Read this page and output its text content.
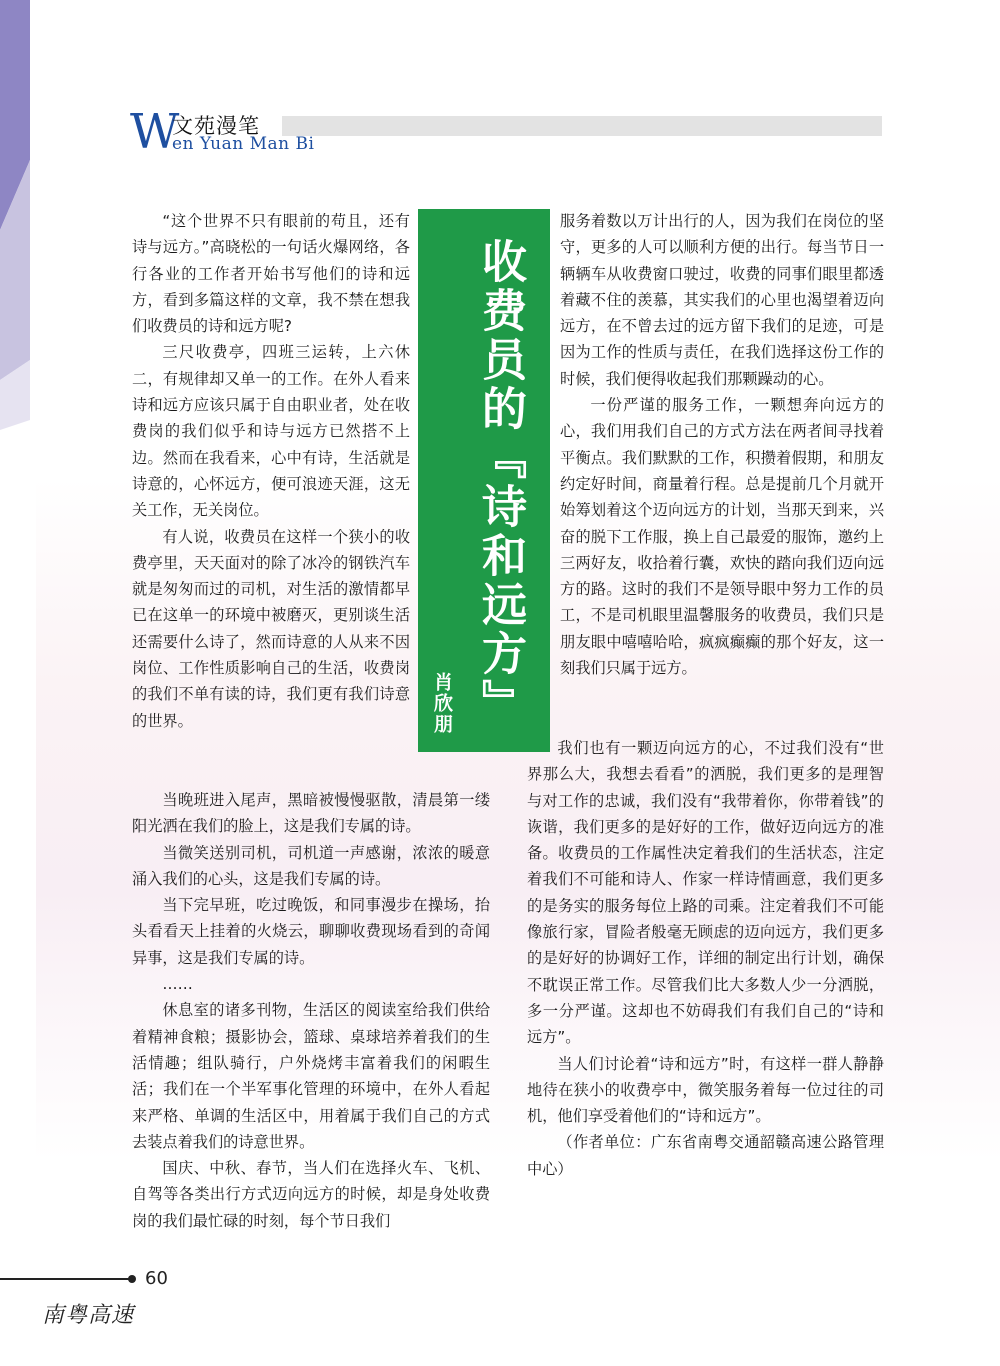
W
文苑漫笔
en Yuan Man Bi
收费员的『诗和远方』
肖欣朋

“这个世界不只有眼前的苟且，还有诗与远方。”高晓松的一句话火爆网络，各行各业的工作者开始书写他们的诗和远方，看到多篇这样的文章，我不禁在想我们收费员的诗和远方呢?

三尺收费亭，四班三运转，上六休二，有规律却又单一的工作。在外人看来诗和远方应该只属于自由职业者，处在收费岗的我们似乎和诗与远方已然搭不上边。然而在我看来，心中有诗，生活就是诗意的，心怀远方，便可浪迹天涯，这无关工作，无关岗位。

有人说，收费员在这样一个狭小的收费亭里，天天面对的除了冰冷的钢铁汽车就是匆匆而过的司机，对生活的激情都早已在这单一的环境中被磨灭，更别谈生活还需要什么诗了，然而诗意的人从来不因岗位、工作性质影响自己的生活，收费岗的我们不单有读的诗，我们更有我们诗意的世界。

当晚班进入尾声，黑暗被慢慢驱散，清晨第一缕阳光洒在我们的脸上，这是我们专属的诗。

当微笑送别司机，司机道一声感谢，浓浓的暖意涌入我们的心头，这是我们专属的诗。

当下完早班，吃过晚饭，和同事漫步在操场，抬头看看天上挂着的火烧云，聊聊收费现场看到的奇闻异事，这是我们专属的诗。

……

休息室的诸多刊物，生活区的阅读室给我们供给着精神食粮；摄影协会，篮球、桌球培养着我们的生活情趣；组队骑行，户外烧烤丰富着我们的闲暇生活；我们在一个半军事化管理的环境中，在外人看起来严格、单调的生活区中，用着属于我们自己的方式去装点着我们的诗意世界。

国庆、中秋、春节，当人们在选择火车、飞机、自驾等各类出行方式迈向远方的时候，却是身处收费岗的我们最忙碌的时刻，每个节日我们

服务着数以万计出行的人，因为我们在岗位的坚守，更多的人可以顺利方便的出行。每当节日一辆辆车从收费窗口驶过，收费的同事们眼里都透着藏不住的羡慕，其实我们的心里也渴望着迈向远方，在不曾去过的远方留下我们的足迹，可是因为工作的性质与责任，在我们选择这份工作的时候，我们便得收起我们那颗躁动的心。

一份严谨的服务工作，一颗想奔向远方的心，我们用我们自己的方式方法在两者间寻找着平衡点。我们默默的工作，积攒着假期，和朋友约定好时间，商量着行程。总是提前几个月就开始筹划着这个迈向远方的计划，当那天到来，兴奋的脱下工作服，换上自己最爱的服饰，邀约上三两好友，收拾着行囊，欢快的踏向我们迈向远方的路。这时的我们不是领导眼中努力工作的员工，不是司机眼里温馨服务的收费员，我们只是朋友眼中嘻嘻哈哈，疯疯癫癫的那个好友，这一刻我们只属于远方。

我们也有一颗迈向远方的心，不过我们没有“世界那么大，我想去看看”的洒脱，我们更多的是理智与对工作的忠诚，我们没有“我带着你，你带着钱”的诙谐，我们更多的是好好的工作，做好迈向远方的准备。收费员的工作属性决定着我们的生活状态，注定着我们不可能和诗人、作家一样诗情画意，我们更多的是务实的服务每位上路的司乘。注定着我们不可能像旅行家，冒险者般毫无顾虑的迈向远方，我们更多的是好好的协调好工作，详细的制定出行计划，确保不耽误正常工作。尽管我们比大多数人少一分洒脱，多一分严谨。这却也不妨碍我们有我们自己的“诗和远方”。

当人们讨论着“诗和远方”时，有这样一群人静静地待在狭小的收费亭中，微笑服务着每一位过往的司机，他们享受着他们的“诗和远方”。

（作者单位：广东省南粤交通韶赣高速公路管理中心）

60
南粤高速
